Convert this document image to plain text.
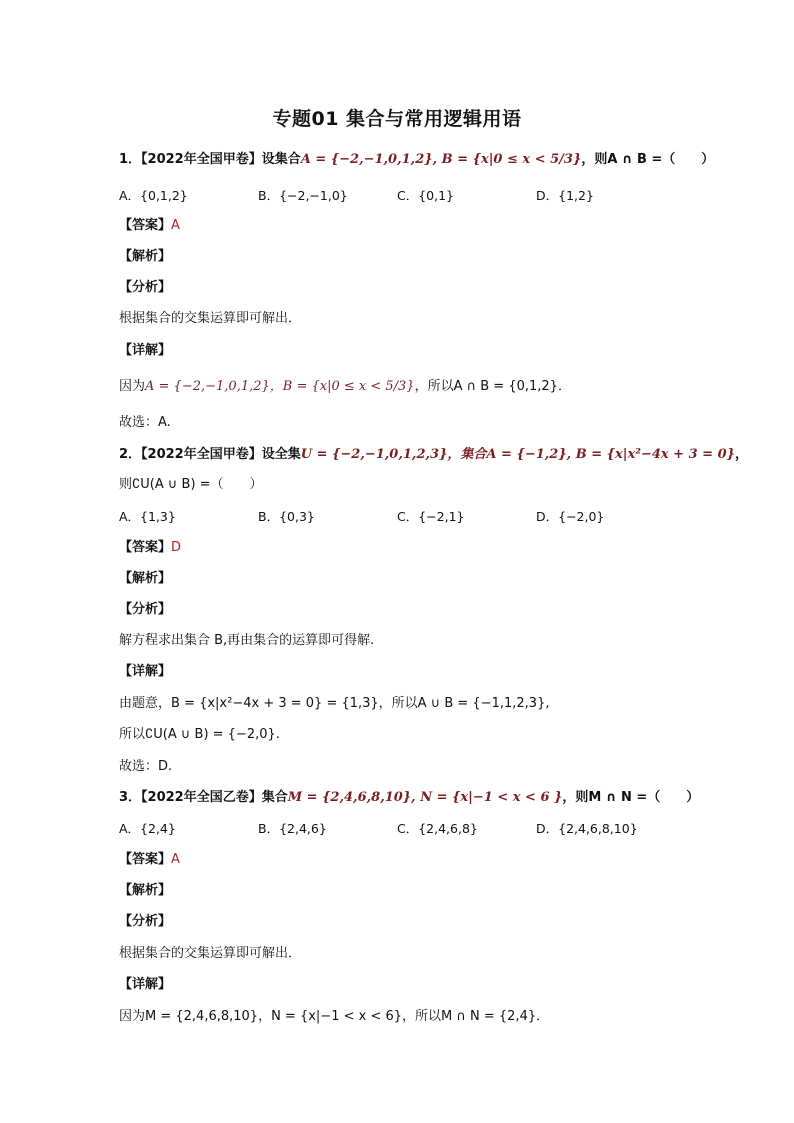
专题01 集合与常用逻辑用语
1．【2022年全国甲卷】设集合A = {−2,−1,0,1,2}, B = {x|0 ≤ x < 5/3}，则A ∩ B =（　　）
A．{0,1,2}	B．{−2,−1,0}	C．{0,1}	D．{1,2}
【答案】A
【解析】
【分析】
根据集合的交集运算即可解出．
【详解】
因为A = {−2,−1,0,1,2}，B = {x|0 ≤ x < 5/3}，所以A ∩ B = {0,1,2}．
故选：A.
2．【2022年全国甲卷】设全集U = {−2,−1,0,1,2,3}，集合A = {−1,2}, B = {x|x²−4x + 3 = 0}，
则∁U(A ∪ B) =（　　）
A．{1,3}	B．{0,3}	C．{−2,1}	D．{−2,0}
【答案】D
【解析】
【分析】
解方程求出集合 B,再由集合的运算即可得解.
【详解】
由题意，B = {x|x²−4x + 3 = 0} = {1,3}，所以A ∪ B = {−1,1,2,3},
所以∁U(A ∪ B) = {−2,0}.
故选：D.
3．【2022年全国乙卷】集合M = {2,4,6,8,10}, N = {x|−1 < x < 6 }，则M ∩ N =（　　）
A．{2,4}	B．{2,4,6}	C．{2,4,6,8}	D．{2,4,6,8,10}
【答案】A
【解析】
【分析】
根据集合的交集运算即可解出．
【详解】
因为M = {2,4,6,8,10}，N = {x|−1 < x < 6}，所以M ∩ N = {2,4}．
